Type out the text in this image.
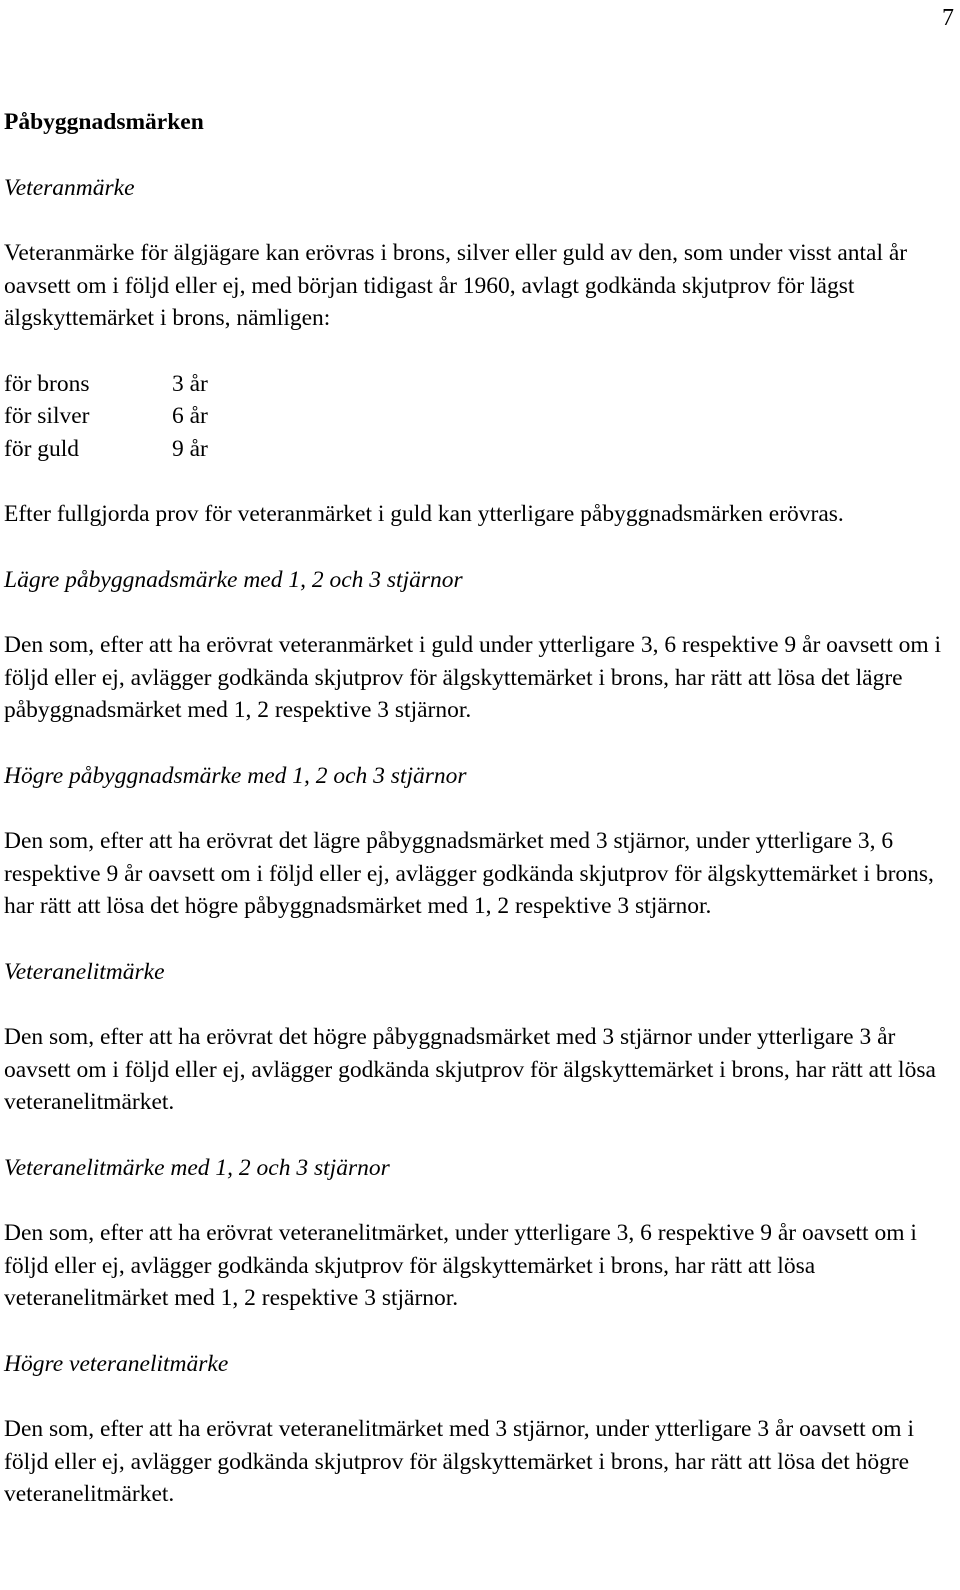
7
Påbyggnadsmärken
Veteranmärke

Veteranmärke för älgjägare kan erövras i brons, silver eller guld av den, som under visst antal år oavsett om i följd eller ej, med början tidigast år 1960, avlagt godkända skjutprov för lägst älgskyttemärket i brons, nämligen:

för brons	3 år
för silver	6 år
för guld	9 år

Efter fullgjorda prov för veteranmärket i guld kan ytterligare påbyggnadsmärken erövras.

Lägre påbyggnadsmärke med 1, 2 och 3 stjärnor

Den som, efter att ha erövrat veteranmärket i guld under ytterligare 3, 6 respektive 9 år oavsett om i följd eller ej, avlägger godkända skjutprov för älgskyttemärket i brons, har rätt att lösa det lägre påbyggnadsmärket med 1, 2 respektive 3 stjärnor.

Högre påbyggnadsmärke med 1, 2 och 3 stjärnor

Den som, efter att ha erövrat det lägre påbyggnadsmärket med 3 stjärnor, under ytterligare 3, 6 respektive 9 år oavsett om i följd eller ej, avlägger godkända skjutprov för älgskyttemärket i brons, har rätt att lösa det högre påbyggnadsmärket med 1, 2 respektive 3 stjärnor.

Veteranelitmärke

Den som, efter att ha erövrat det högre påbyggnadsmärket med 3 stjärnor under ytterligare 3 år oavsett om i följd eller ej, avlägger godkända skjutprov för älgskyttemärket i brons, har rätt att lösa veteranelitmärket.

Veteranelitmärke med 1, 2 och 3 stjärnor

Den som, efter att ha erövrat veteranelitmärket, under ytterligare 3, 6 respektive 9 år oavsett om i följd eller ej, avlägger godkända skjutprov för älgskyttemärket i brons, har rätt att lösa veteranelitmärket med 1, 2 respektive 3 stjärnor.

Högre veteranelitmärke

Den som, efter att ha erövrat veteranelitmärket med 3 stjärnor, under ytterligare 3 år oavsett om i följd eller ej, avlägger godkända skjutprov för älgskyttemärket i brons, har rätt att lösa det högre veteranelitmärket.
